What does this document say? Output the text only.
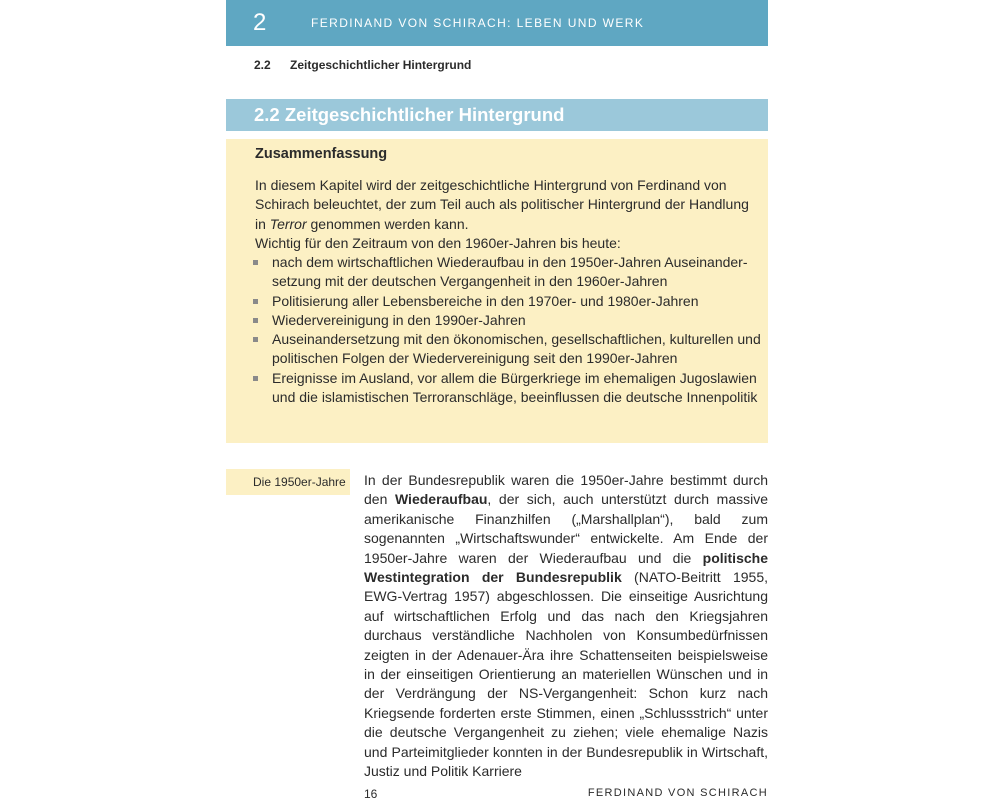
2	FERDINAND VON SCHIRACH: LEBEN UND WERK
2.2 Zeitgeschichtlicher Hintergrund
2.2 Zeitgeschichtlicher Hintergrund
Zusammenfassung
In diesem Kapitel wird der zeitgeschichtliche Hintergrund von Ferdinand von Schirach beleuchtet, der zum Teil auch als politischer Hintergrund der Handlung in Terror genommen werden kann.
Wichtig für den Zeitraum von den 1960er-Jahren bis heute:
nach dem wirtschaftlichen Wiederaufbau in den 1950er-Jahren Auseinandersetzung mit der deutschen Vergangenheit in den 1960er-Jahren
Politisierung aller Lebensbereiche in den 1970er- und 1980er-Jahren
Wiedervereinigung in den 1990er-Jahren
Auseinandersetzung mit den ökonomischen, gesellschaftlichen, kulturellen und politischen Folgen der Wiedervereinigung seit den 1990er-Jahren
Ereignisse im Ausland, vor allem die Bürgerkriege im ehemaligen Jugoslawien und die islamistischen Terroranschläge, beeinflussen die deutsche Innenpolitik
Die 1950er-Jahre	In der Bundesrepublik waren die 1950er-Jahre bestimmt durch den Wiederaufbau, der sich, auch unterstützt durch massive amerikanische Finanzhilfen („Marshallplan“), bald zum sogenannten „Wirtschaftswunder“ entwickelte. Am Ende der 1950er-Jahre waren der Wiederaufbau und die politische Westintegration der Bundesrepublik (NATO-Beitritt 1955, EWG-Vertrag 1957) abgeschlossen. Die einseitige Ausrichtung auf wirtschaftlichen Erfolg und das nach den Kriegsjahren durchaus verständliche Nachholen von Konsumbedürfnissen zeigten in der Adenauer-Ära ihre Schattenseiten beispielsweise in der einseitigen Orientierung an materiellen Wünschen und in der Verdrängung der NS-Vergangenheit: Schon kurz nach Kriegsende forderten erste Stimmen, einen „Schlussstrich“ unter die deutsche Vergangenheit zu ziehen; viele ehemalige Nazis und Parteimitglieder konnten in der Bundesrepublik in Wirtschaft, Justiz und Politik Karriere

16	FERDINAND VON SCHIRACH
